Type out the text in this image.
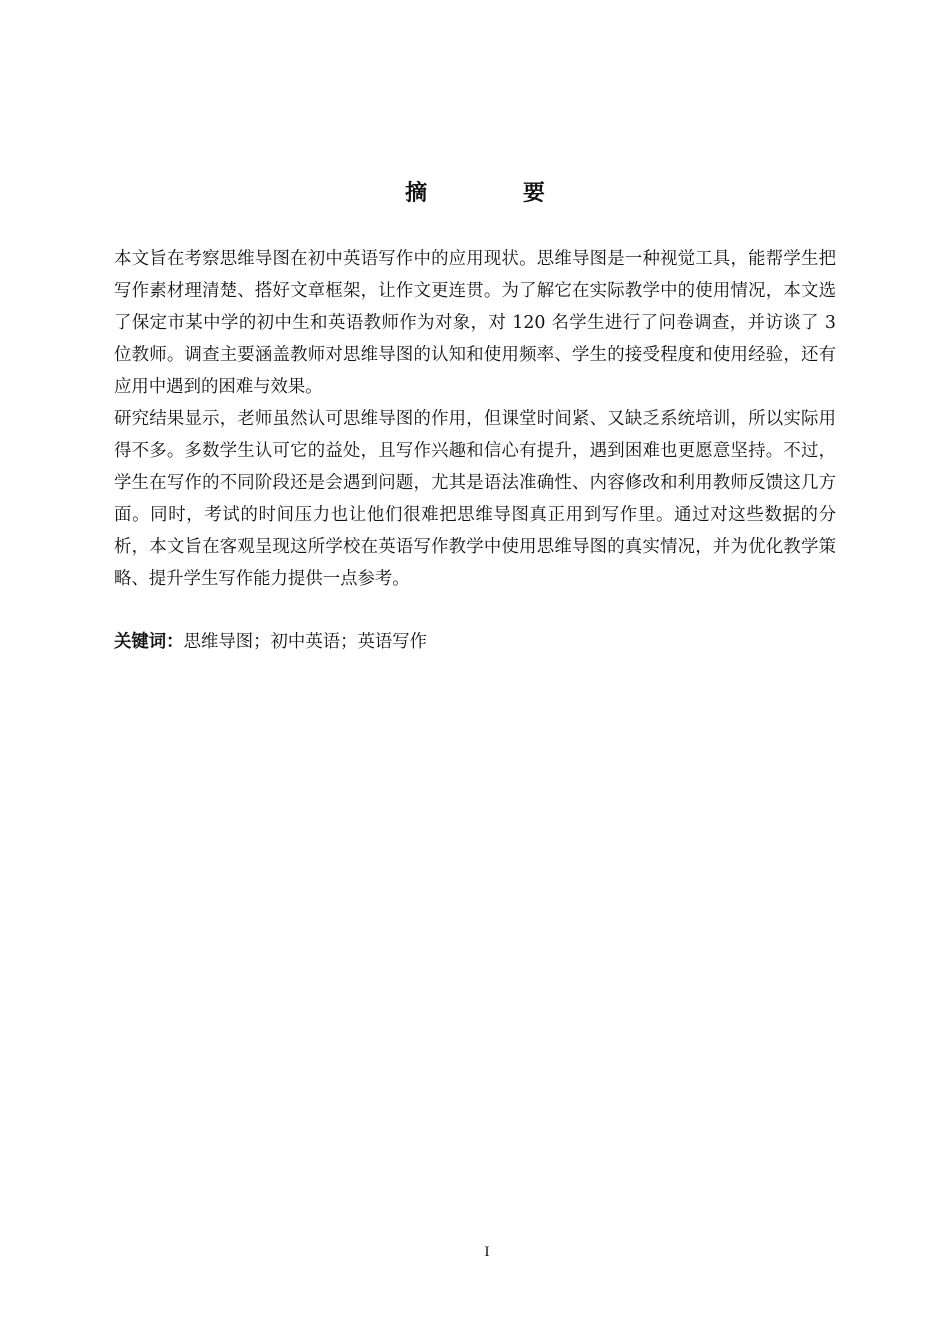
摘 要

本文旨在考察思维导图在初中英语写作中的应用现状。思维导图是一种视觉工具，能帮学生把写作素材理清楚、搭好文章框架，让作文更连贯。为了解它在实际教学中的使用情况，本文选了保定市某中学的初中生和英语教师作为对象，对 120 名学生进行了问卷调查，并访谈了 3 位教师。调查主要涵盖教师对思维导图的认知和使用频率、学生的接受程度和使用经验，还有应用中遇到的困难与效果。

研究结果显示，老师虽然认可思维导图的作用，但课堂时间紧、又缺乏系统培训，所以实际用得不多。多数学生认可它的益处，且写作兴趣和信心有提升，遇到困难也更愿意坚持。不过，学生在写作的不同阶段还是会遇到问题，尤其是语法准确性、内容修改和利用教师反馈这几方面。同时，考试的时间压力也让他们很难把思维导图真正用到写作里。通过对这些数据的分析，本文旨在客观呈现这所学校在英语写作教学中使用思维导图的真实情况，并为优化教学策略、提升学生写作能力提供一点参考。

关键词：思维导图；初中英语；英语写作
I
